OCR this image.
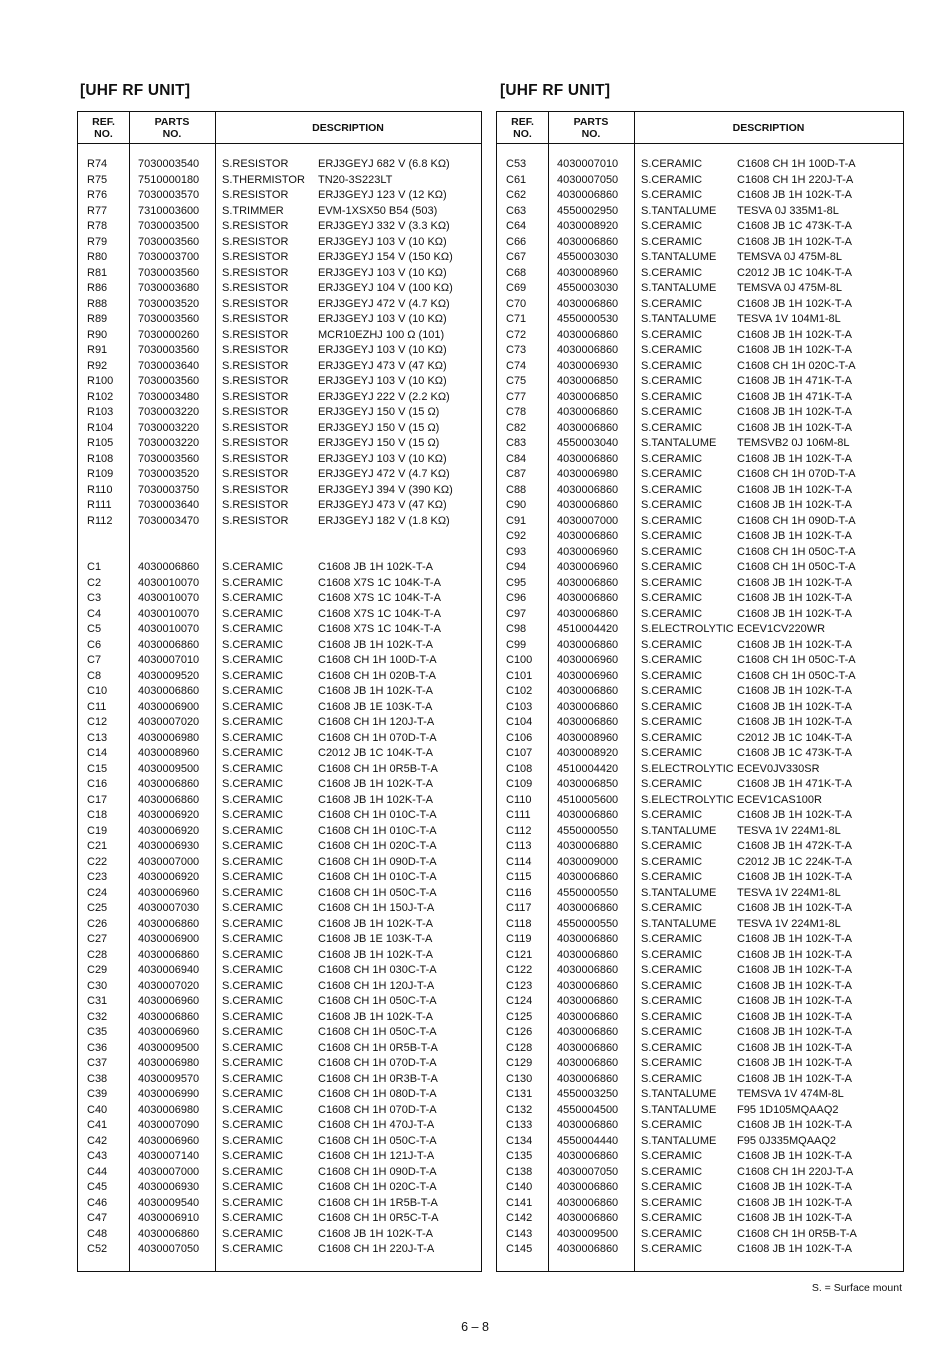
[UHF RF UNIT]	[UHF RF UNIT]
REF.
NO.
PARTS
NO.	DESCRIPTION
R74	7030003540 S.RESISTOR	ERJ3GEYJ 682 V (6.8 KΩ)
R75	7510000180 S.THERMISTOR TN20-3S223LT
R76	7030003570 S.RESISTOR	ERJ3GEYJ 123 V (12 KΩ)
R77	7310003600 S.TRIMMER	EVM-1XSX50 B54 (503)
R78	7030003500 S.RESISTOR	ERJ3GEYJ 332 V (3.3 KΩ)
R79	7030003560 S.RESISTOR	ERJ3GEYJ 103 V (10 KΩ)
R80	7030003700 S.RESISTOR	ERJ3GEYJ 154 V (150 KΩ)
R81	7030003560 S.RESISTOR	ERJ3GEYJ 103 V (10 KΩ)
R86	7030003680 S.RESISTOR	ERJ3GEYJ 104 V (100 KΩ)
R88	7030003520 S.RESISTOR	ERJ3GEYJ 472 V (4.7 KΩ)
R89	7030003560 S.RESISTOR	ERJ3GEYJ 103 V (10 KΩ)
R90	7030000260 S.RESISTOR	MCR10EZHJ 100 Ω (101)
R91	7030003560 S.RESISTOR	ERJ3GEYJ 103 V (10 KΩ)
R92	7030003640 S.RESISTOR	ERJ3GEYJ 473 V (47 KΩ)
R100 7030003560 S.RESISTOR	ERJ3GEYJ 103 V (10 KΩ)
R102 7030003480 S.RESISTOR	ERJ3GEYJ 222 V (2.2 KΩ)
R103 7030003220 S.RESISTOR	ERJ3GEYJ 150 V (15 Ω)
R104 7030003220 S.RESISTOR	ERJ3GEYJ 150 V (15 Ω)
R105 7030003220 S.RESISTOR	ERJ3GEYJ 150 V (15 Ω)
R108 7030003560 S.RESISTOR	ERJ3GEYJ 103 V (10 KΩ)
R109 7030003520 S.RESISTOR	ERJ3GEYJ 472 V (4.7 KΩ)
R110 7030003750 S.RESISTOR	ERJ3GEYJ 394 V (390 KΩ)
R111 7030003640 S.RESISTOR	ERJ3GEYJ 473 V (47 KΩ)
R112 7030003470 S.RESISTOR	ERJ3GEYJ 182 V (1.8 KΩ)
C1	4030006860 S.CERAMIC	C1608 JB 1H 102K-T-A
C2	4030010070 S.CERAMIC	C1608 X7S 1C 104K-T-A
C3	4030010070 S.CERAMIC	C1608 X7S 1C 104K-T-A
C4	4030010070 S.CERAMIC	C1608 X7S 1C 104K-T-A
C5	4030010070 S.CERAMIC	C1608 X7S 1C 104K-T-A
C6	4030006860 S.CERAMIC	C1608 JB 1H 102K-T-A
C7	4030007010 S.CERAMIC	C1608 CH 1H 100D-T-A
C8	4030009520 S.CERAMIC	C1608 CH 1H 020B-T-A
C10	4030006860 S.CERAMIC	C1608 JB 1H 102K-T-A
C11	4030006900 S.CERAMIC	C1608 JB 1E 103K-T-A
C12	4030007020 S.CERAMIC	C1608 CH 1H 120J-T-A
C13	4030006980 S.CERAMIC	C1608 CH 1H 070D-T-A
C14	4030008960 S.CERAMIC	C2012 JB 1C 104K-T-A
C15	4030009500 S.CERAMIC	C1608 CH 1H 0R5B-T-A
C16	4030006860 S.CERAMIC	C1608 JB 1H 102K-T-A
C17	4030006860 S.CERAMIC	C1608 JB 1H 102K-T-A
C18	4030006920 S.CERAMIC	C1608 CH 1H 010C-T-A
C19	4030006920 S.CERAMIC	C1608 CH 1H 010C-T-A
C21	4030006930 S.CERAMIC	C1608 CH 1H 020C-T-A
C22	4030007000 S.CERAMIC	C1608 CH 1H 090D-T-A
C23	4030006920 S.CERAMIC	C1608 CH 1H 010C-T-A
C24	4030006960 S.CERAMIC	C1608 CH 1H 050C-T-A
C25	4030007030 S.CERAMIC	C1608 CH 1H 150J-T-A
C26	4030006860 S.CERAMIC	C1608 JB 1H 102K-T-A
C27	4030006900 S.CERAMIC	C1608 JB 1E 103K-T-A
C28	4030006860 S.CERAMIC	C1608 JB 1H 102K-T-A
C29	4030006940 S.CERAMIC	C1608 CH 1H 030C-T-A
C30	4030007020 S.CERAMIC	C1608 CH 1H 120J-T-A
C31	4030006960 S.CERAMIC	C1608 CH 1H 050C-T-A
C32	4030006860 S.CERAMIC	C1608 JB 1H 102K-T-A
C35	4030006960 S.CERAMIC	C1608 CH 1H 050C-T-A
C36	4030009500 S.CERAMIC	C1608 CH 1H 0R5B-T-A
C37	4030006980 S.CERAMIC	C1608 CH 1H 070D-T-A
C38	4030009570 S.CERAMIC	C1608 CH 1H 0R3B-T-A
C39	4030006990 S.CERAMIC	C1608 CH 1H 080D-T-A
C40	4030006980 S.CERAMIC	C1608 CH 1H 070D-T-A
C41	4030007090 S.CERAMIC	C1608 CH 1H 470J-T-A
C42	4030006960 S.CERAMIC	C1608 CH 1H 050C-T-A
C43	4030007140 S.CERAMIC	C1608 CH 1H 121J-T-A
C44	4030007000 S.CERAMIC	C1608 CH 1H 090D-T-A
C45	4030006930 S.CERAMIC	C1608 CH 1H 020C-T-A
C46	4030009540 S.CERAMIC	C1608 CH 1H 1R5B-T-A
C47	4030006910 S.CERAMIC	C1608 CH 1H 0R5C-T-A
C48	4030006860 S.CERAMIC	C1608 JB 1H 102K-T-A
C52	4030007050 S.CERAMIC	C1608 CH 1H 220J-T-A
REF.
NO.
PARTS
NO.	DESCRIPTION
C53	4030007010 S.CERAMIC	C1608 CH 1H 100D-T-A
C61	4030007050 S.CERAMIC	C1608 CH 1H 220J-T-A
C62	4030006860 S.CERAMIC	C1608 JB 1H 102K-T-A
C63	4550002950 S.TANTALUME TESVA 0J 335M1-8L
C64	4030008920 S.CERAMIC	C1608 JB 1C 473K-T-A
C66	4030006860 S.CERAMIC	C1608 JB 1H 102K-T-A
C67	4550003030 S.TANTALUME TEMSVA 0J 475M-8L
C68	4030008960 S.CERAMIC	C2012 JB 1C 104K-T-A
C69	4550003030 S.TANTALUME TEMSVA 0J 475M-8L
C70	4030006860 S.CERAMIC	C1608 JB 1H 102K-T-A
C71	4550000530 S.TANTALUME TESVA 1V 104M1-8L
C72	4030006860 S.CERAMIC	C1608 JB 1H 102K-T-A
C73	4030006860 S.CERAMIC	C1608 JB 1H 102K-T-A
C74	4030006930 S.CERAMIC	C1608 CH 1H 020C-T-A
C75	4030006850 S.CERAMIC	C1608 JB 1H 471K-T-A
C77	4030006850 S.CERAMIC	C1608 JB 1H 471K-T-A
C78	4030006860 S.CERAMIC	C1608 JB 1H 102K-T-A
C82	4030006860 S.CERAMIC	C1608 JB 1H 102K-T-A
C83	4550003040 S.TANTALUME TEMSVB2 0J 106M-8L
C84	4030006860 S.CERAMIC	C1608 JB 1H 102K-T-A
C87	4030006980 S.CERAMIC	C1608 CH 1H 070D-T-A
C88	4030006860 S.CERAMIC	C1608 JB 1H 102K-T-A
C90	4030006860 S.CERAMIC	C1608 JB 1H 102K-T-A
C91	4030007000 S.CERAMIC	C1608 CH 1H 090D-T-A
C92	4030006860 S.CERAMIC	C1608 JB 1H 102K-T-A
C93	4030006960 S.CERAMIC	C1608 CH 1H 050C-T-A
C94	4030006960 S.CERAMIC	C1608 CH 1H 050C-T-A
C95	4030006860 S.CERAMIC	C1608 JB 1H 102K-T-A
C96	4030006860 S.CERAMIC	C1608 JB 1H 102K-T-A
C97	4030006860 S.CERAMIC	C1608 JB 1H 102K-T-A
C98	4510004420 S.ELECTROLYTIC ECEV1CV220WR
C99	4030006860 S.CERAMIC	C1608 JB 1H 102K-T-A
C100 4030006960 S.CERAMIC	C1608 CH 1H 050C-T-A
C101 4030006960 S.CERAMIC	C1608 CH 1H 050C-T-A
C102 4030006860 S.CERAMIC	C1608 JB 1H 102K-T-A
C103 4030006860 S.CERAMIC	C1608 JB 1H 102K-T-A
C104 4030006860 S.CERAMIC	C1608 JB 1H 102K-T-A
C106 4030008960 S.CERAMIC	C2012 JB 1C 104K-T-A
C107 4030008920 S.CERAMIC	C1608 JB 1C 473K-T-A
C108 4510004420 S.ELECTROLYTIC ECEV0JV330SR
C109 4030006850 S.CERAMIC	C1608 JB 1H 471K-T-A
C110 4510005600 S.ELECTROLYTIC ECEV1CAS100R
C111 4030006860 S.CERAMIC	C1608 JB 1H 102K-T-A
C112 4550000550 S.TANTALUME TESVA 1V 224M1-8L
C113 4030006880 S.CERAMIC	C1608 JB 1H 472K-T-A
C114 4030009000 S.CERAMIC	C2012 JB 1C 224K-T-A
C115 4030006860 S.CERAMIC	C1608 JB 1H 102K-T-A
C116 4550000550 S.TANTALUME TESVA 1V 224M1-8L
C117 4030006860 S.CERAMIC	C1608 JB 1H 102K-T-A
C118 4550000550 S.TANTALUME TESVA 1V 224M1-8L
C119 4030006860 S.CERAMIC	C1608 JB 1H 102K-T-A
C121 4030006860 S.CERAMIC	C1608 JB 1H 102K-T-A
C122 4030006860 S.CERAMIC	C1608 JB 1H 102K-T-A
C123 4030006860 S.CERAMIC	C1608 JB 1H 102K-T-A
C124 4030006860 S.CERAMIC	C1608 JB 1H 102K-T-A
C125 4030006860 S.CERAMIC	C1608 JB 1H 102K-T-A
C126 4030006860 S.CERAMIC	C1608 JB 1H 102K-T-A
C128 4030006860 S.CERAMIC	C1608 JB 1H 102K-T-A
C129 4030006860 S.CERAMIC	C1608 JB 1H 102K-T-A
C130 4030006860 S.CERAMIC	C1608 JB 1H 102K-T-A
C131 4550003250 S.TANTALUME TEMSVA 1V 474M-8L
C132 4550004500 S.TANTALUME F95 1D105MQAAQ2
C133 4030006860 S.CERAMIC	C1608 JB 1H 102K-T-A
C134 4550004440 S.TANTALUME F95 0J335MQAAQ2
C135 4030006860 S.CERAMIC	C1608 JB 1H 102K-T-A
C138 4030007050 S.CERAMIC	C1608 CH 1H 220J-T-A
C140 4030006860 S.CERAMIC	C1608 JB 1H 102K-T-A
C141 4030006860 S.CERAMIC	C1608 JB 1H 102K-T-A
C142 4030006860 S.CERAMIC	C1608 JB 1H 102K-T-A
C143 4030009500 S.CERAMIC	C1608 CH 1H 0R5B-T-A
C145 4030006860 S.CERAMIC	C1608 JB 1H 102K-T-A
S. = Surface mount
6 – 8
